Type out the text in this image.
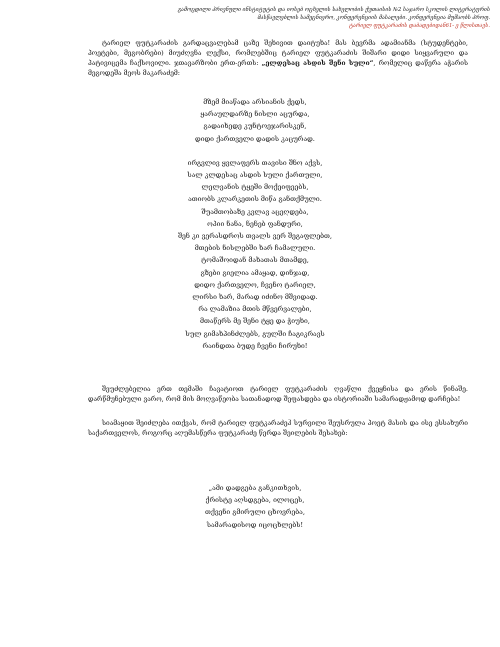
გამოცდილი პრივნული ინსტიტუტის და იოსებ ოცხელის სახელობის ქუთაისის №2 საჯარო სკოლის ლიტერატურის
მასწავლებლის სამეცნიერო, კონფერენციის მასალები. კონფერენცია მუშაობს პროფ.
ტარიელ ფუტკარაძის დაბადებიდან61- ე წლისთავს.
ტარიელ ფუტკარაძის გარდაცვალებამ ცაზე შეხივით დაიტუხა! მას ბევრმა ადამიანმა (სტუდენტები, პოეტები, მეგობრები) მიუძღვნა ლექსი, რომლებშიც ტარიელ ფუტკარაძის შიშარი დიდი სიყვარული და პატივიცემა ჩაქსოვილი. ჯთავარზობი ერთ-ერთს: „ელდესაც ასდის შენი სული“, რომელიც დაწერა აჭარის მეგოდეშა მეოს მაკარაძემ:
მზემ მიაწადა არსიანის ქედს,
ყარაულდარზე ნისლი აცურდა,
გადაიხედე კუნტოეჯარისკენ,
დიდი ქართველი დადის კაცურად.
ირგვლივ ყვლაფერს თავისი შნო აქვს,
სალ კლდესაც ასდის სული ქართული,
ლელვანის ტყეში მოქეიფეებს,
ათიობს კლარკეთის მიწა განთქმული.
შუამთობაზე კვლავ აცეღდება,
ოპიი ნანა, ნენებ ფანდური,
შენ კი ვერასდროს თვალს ვერ შეგაფლებთ,
მთების ნისლებში ხარ ჩამალული.
ტომაშოიდან მახათას მთამდე,
გზები გიელია ამაყად, დინჯად,
დიდო ქართველო, ჩვენო ტარიელ,
ლირსი ხარ, მარად იძინო მშვიდად.
რა ლამაზია მთის მწვერვალები,
მთაწერს მე შენი ტყე და ჭიუხი,
სულ გიმახპინძლებს, გულში ჩაგიკრავს
რაინდთა ბუდე ჩვენი ჩირუხი!
შეუძლებელია ერთ თემაში ჩავატიოთ ტარიელ ფუტკარაძის ღვაწლი ქვეყნისა და ერის წინაშე. დარწმუნებული ვარო, რომ მის მოღვაწეობა სათანადოდ შეფასდება და ისტორიაში სამარადჟამოდ დარჩება!
სიამაყით შეიძლება ითქვას, რომ ტარიელ ფუტკარაძეჰ სურვილი შეუსრულა პოეტ მასის და ისე ესსახური საქართველოს, როგორც აღუმასწერა ფუტკარაძე წერდა შეილების შესახებ:
„ამი დადგება განკითხვის,
ქრისტე აღსდგება, ილოცეს,
თქვენი გმირული ცხოვრება,
სამარადისოდ იცოცხლებს!
